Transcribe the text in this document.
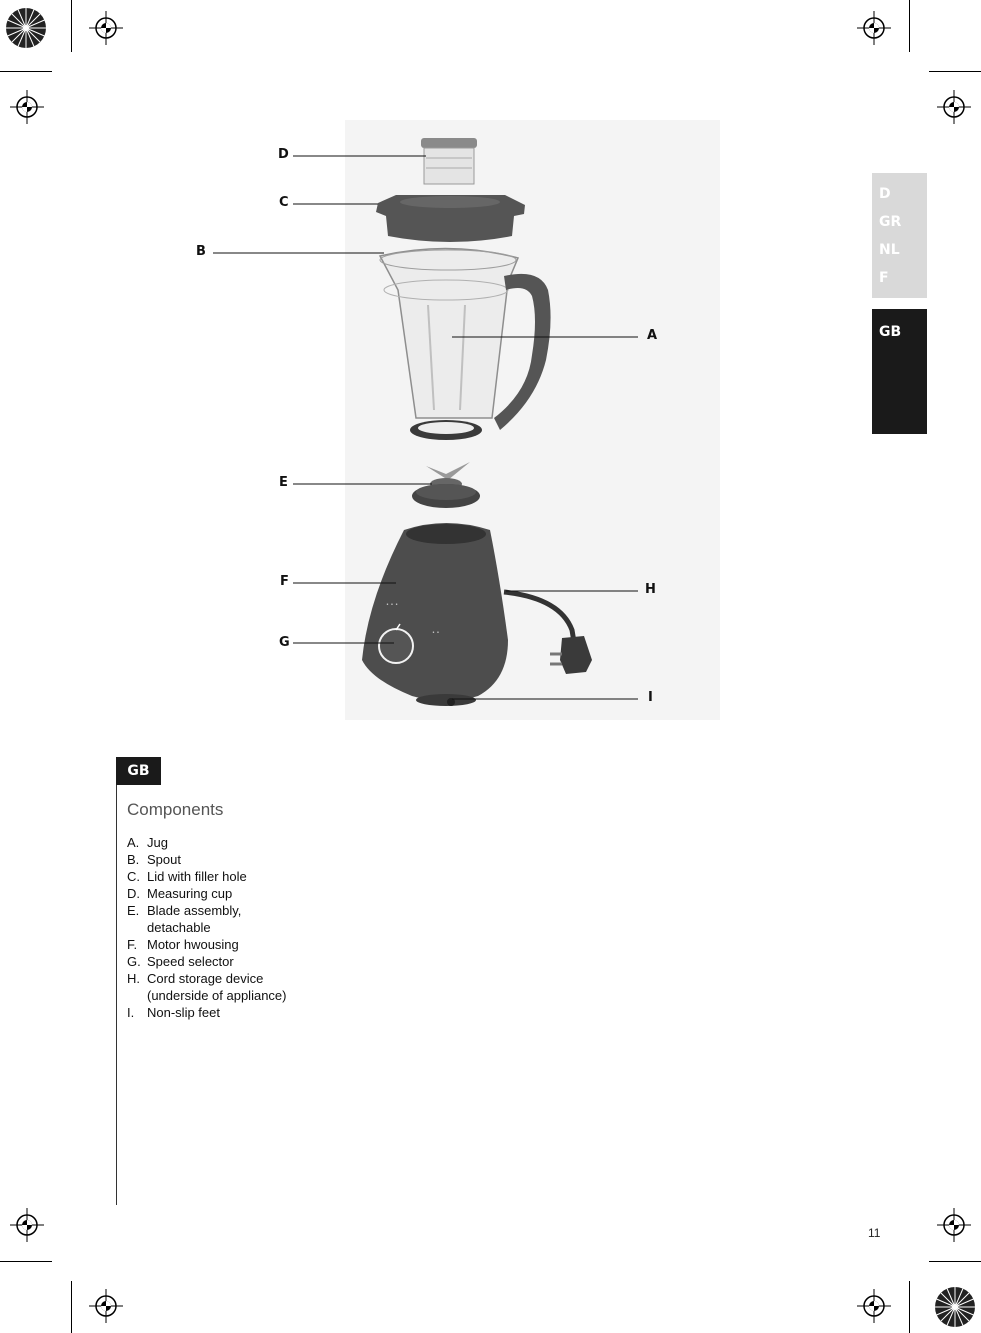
D
GR
NL
F
GB
• • •
• •
A
B
C
D
E
F
G
H
I
GB
Components
A. Jug
B. Spout
C. Lid with filler hole
D. Measuring cup
E. Blade assembly, detachable
F. Motor hwousing
G. Speed selector
H. Cord storage device (underside of appliance)
I. Non-slip feet
11
